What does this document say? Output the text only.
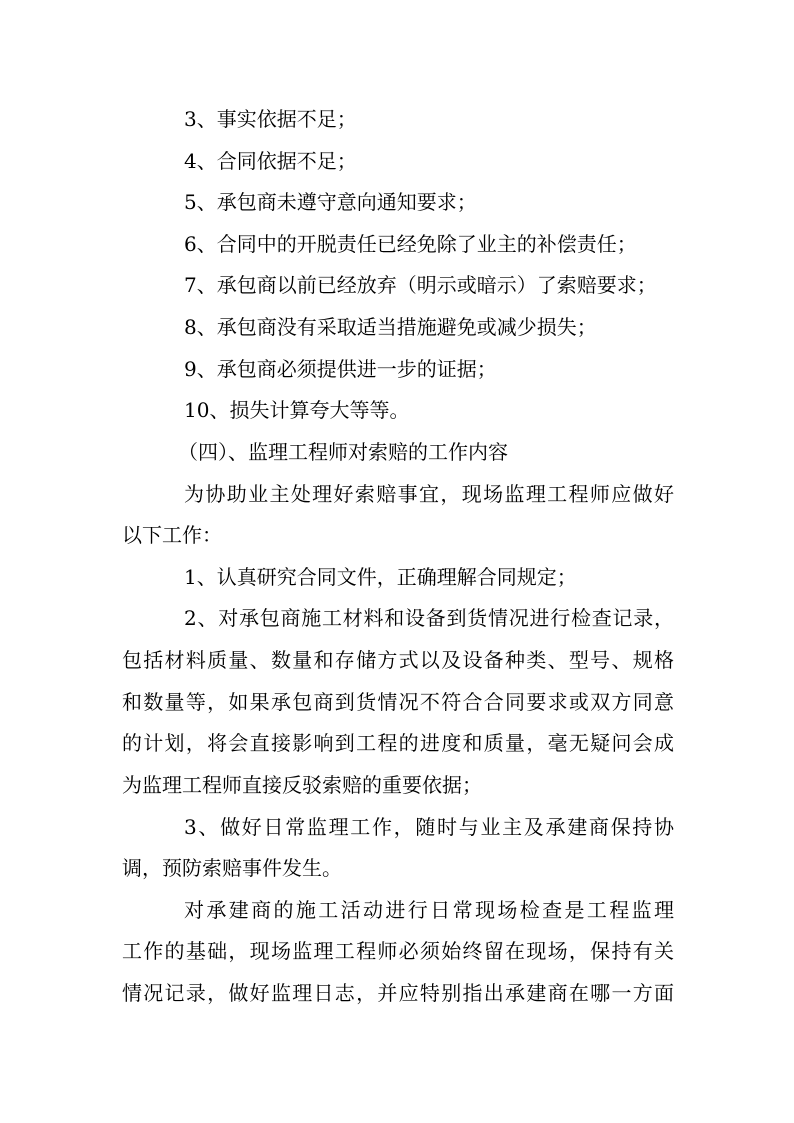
3、事实依据不足；
4、合同依据不足；
5、承包商未遵守意向通知要求；
6、合同中的开脱责任已经免除了业主的补偿责任；
7、承包商以前已经放弃（明示或暗示）了索赔要求；
8、承包商没有采取适当措施避免或减少损失；
9、承包商必须提供进一步的证据；
10、损失计算夸大等等。
（四）、监理工程师对索赔的工作内容
为协助业主处理好索赔事宜，现场监理工程师应做好
以下工作：
1、认真研究合同文件，正确理解合同规定；
2、对承包商施工材料和设备到货情况进行检查记录，
包括材料质量、数量和存储方式以及设备种类、型号、规格
和数量等，如果承包商到货情况不符合合同要求或双方同意
的计划，将会直接影响到工程的进度和质量，毫无疑问会成
为监理工程师直接反驳索赔的重要依据；
3、做好日常监理工作，随时与业主及承建商保持协
调，预防索赔事件发生。
对承建商的施工活动进行日常现场检查是工程监理
工作的基础，现场监理工程师必须始终留在现场，保持有关
情况记录，做好监理日志，并应特别指出承建商在哪一方面
